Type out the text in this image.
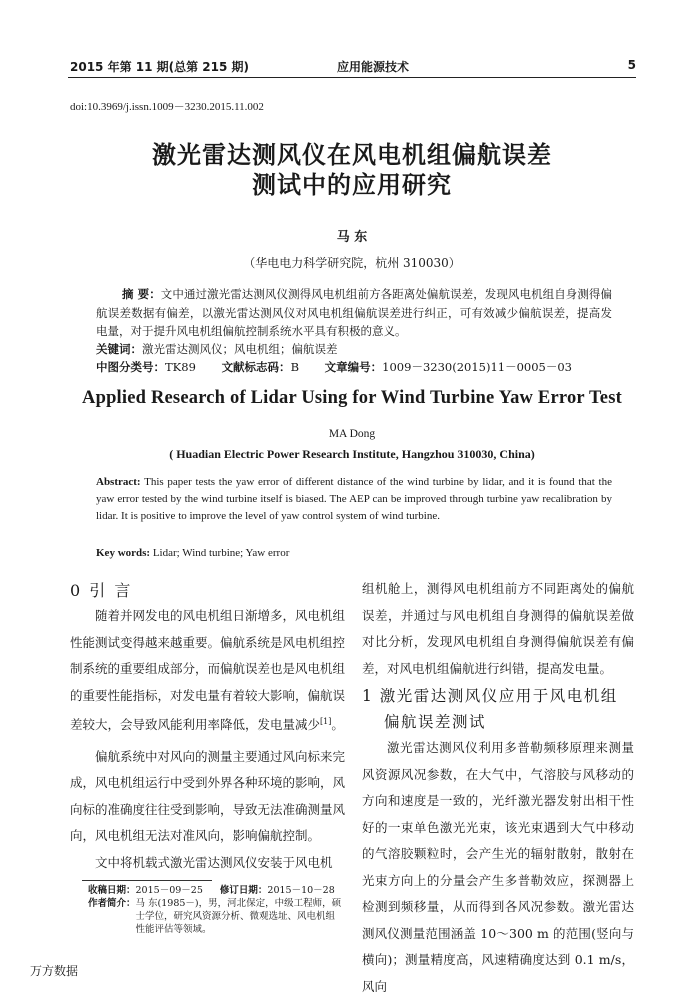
2015 年第 11 期(总第 215 期)	应用能源技术	5
doi:10.3969/j.issn.1009－3230.2015.11.002
激光雷达测风仪在风电机组偏航误差
测试中的应用研究
马 东
（华电电力科学研究院，杭州 310030）
摘 要：文中通过激光雷达测风仪测得风电机组前方各距离处偏航误差，发现风电机组自身测得偏航误差数据有偏差，以激光雷达测风仪对风电机组偏航误差进行纠正，可有效减少偏航误差，提高发电量，对于提升风电机组偏航控制系统水平具有积极的意义。
关键词：激光雷达测风仪；风电机组；偏航误差
中图分类号：TK89 文献标志码：B 文章编号：1009－3230(2015)11－0005－03
Applied Research of Lidar Using for Wind Turbine Yaw Error Test
MA Dong
( Huadian Electric Power Research Institute, Hangzhou 310030, China)
Abstract: This paper tests the yaw error of different distance of the wind turbine by lidar, and it is found that the yaw error tested by the wind turbine itself is biased. The AEP can be improved through turbine yaw recalibration by lidar. It is positive to improve the level of yaw control system of wind turbine.
Key words: Lidar; Wind turbine; Yaw error
0 引 言

随着并网发电的风电机组日渐增多，风电机组性能测试变得越来越重要。偏航系统是风电机组控制系统的重要组成部分，而偏航误差也是风电机组的重要性能指标，对发电量有着较大影响，偏航误差较大，会导致风能利用率降低，发电量减少[1]。

偏航系统中对风向的测量主要通过风向标来完成，风电机组运行中受到外界各种环境的影响，风向标的准确度往往受到影响，导致无法准确测量风向，风电机组无法对准风向，影响偏航控制。

文中将机载式激光雷达测风仪安装于风电机

收稿日期：2015－09－25 修订日期：2015－10－28
作者简介： 马 东(1985－)，男，河北保定，中级工程师，硕士学位，研究风资源分析、微观选址、风电机组性能评估等领域。

组机舱上，测得风电机组前方不同距离处的偏航误差，并通过与风电机组自身测得的偏航误差做对比分析，发现风电机组自身测得偏航误差有偏差，对风电机组偏航进行纠错，提高发电量。

1 激光雷达测风仪应用于风电机组
偏航误差测试

激光雷达测风仪利用多普勒频移原理来测量风资源风况参数，在大气中，气溶胶与风移动的方向和速度是一致的，光纤激光器发射出相干性好的一束单色激光光束，该光束遇到大气中移动的气溶胶颗粒时，会产生光的辐射散射，散射在光束方向上的分量会产生多普勒效应，探测器上检测到频移量，从而得到各风况参数。激光雷达测风仪测量范围涵盖 10～300 m 的范围(竖向与横向)；测量精度高，风速精确度达到 0.1 m/s，风向

万方数据
